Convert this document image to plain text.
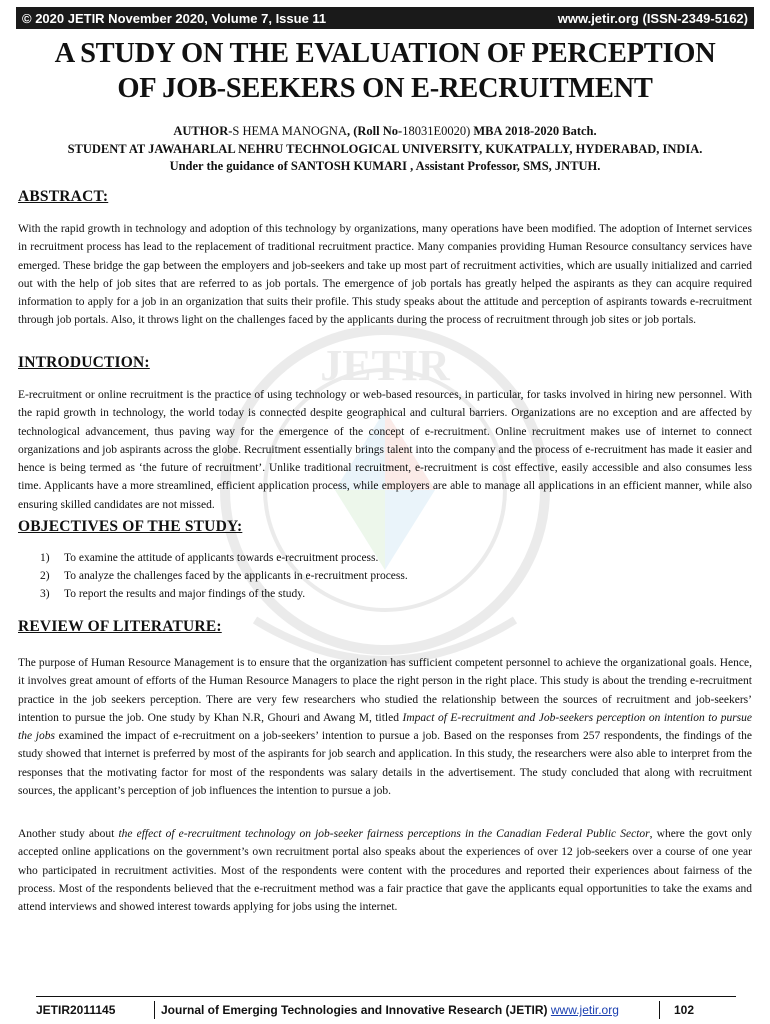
© 2020 JETIR November 2020, Volume 7, Issue 11	www.jetir.org (ISSN-2349-5162)
JETIR
A STUDY ON THE EVALUATION OF PERCEPTION
OF JOB-SEEKERS ON E-RECRUITMENT
AUTHOR-S HEMA MANOGNA, (Roll No-18031E0020) MBA 2018-2020 Batch.
STUDENT AT JAWAHARLAL NEHRU TECHNOLOGICAL UNIVERSITY, KUKATPALLY, HYDERABAD, INDIA.
Under the guidance of SANTOSH KUMARI , Assistant Professor, SMS, JNTUH.
ABSTRACT:
With the rapid growth in technology and adoption of this technology by organizations, many operations have been modified. The adoption of Internet services in recruitment process has lead to the replacement of traditional recruitment practice. Many companies providing Human Resource consultancy services have emerged. These bridge the gap between the employers and job-seekers and take up most part of recruitment activities, which are usually initialized and carried out with the help of job sites that are referred to as job portals. The emergence of job portals has greatly helped the aspirants as they can acquire required information to apply for a job in an organization that suits their profile. This study speaks about the attitude and perception of aspirants towards e-recruitment through job portals. Also, it throws light on the challenges faced by the applicants during the process of recruitment through job sites or job portals.
INTRODUCTION:
E-recruitment or online recruitment is the practice of using technology or web-based resources, in particular, for tasks involved in hiring new personnel. With the rapid growth in technology, the world today is connected despite geographical and cultural barriers. Organizations are no exception and are affected by technological advancement, thus paving way for the emergence of the concept of e-recruitment. Online recruitment makes use of internet to connect organizations and job aspirants across the globe. Recruitment essentially brings talent into the company and the process of e-recruitment has made it easier and hence is being termed as ‘the future of recruitment’. Unlike traditional recruitment, e-recruitment is cost effective, easily accessible and also consumes less time. Applicants have a more streamlined, efficient application process, while employers are able to manage all applications in an efficient manner, while also ensuring skilled candidates are not missed.
OBJECTIVES OF THE STUDY:
1)	To examine the attitude of applicants towards e-recruitment process.
2)	To analyze the challenges faced by the applicants in e-recruitment process.
3)	To report the results and major findings of the study.
REVIEW OF LITERATURE:
The purpose of Human Resource Management is to ensure that the organization has sufficient competent personnel to achieve the organizational goals. Hence, it involves great amount of efforts of the Human Resource Managers to place the right person in the right place. This study is about the trending e-recruitment practice in the job seekers perception. There are very few researchers who studied the relationship between the sources of recruitment and job-seekers’ intention to pursue the job. One study by Khan N.R, Ghouri and Awang M, titled Impact of E-recruitment and Job-seekers perception on intention to pursue the jobs examined the impact of e-recruitment on a job-seekers’ intention to pursue a job. Based on the responses from 257 respondents, the findings of the study showed that internet is preferred by most of the aspirants for job search and application. In this study, the researchers were also able to interpret from the responses that the motivating factor for most of the respondents was salary details in the advertisement. The study concluded that along with recruitment sources, the applicant’s perception of job influences the intention to pursue a job.
Another study about the effect of e-recruitment technology on job-seeker fairness perceptions in the Canadian Federal Public Sector, where the govt only accepted online applications on the government’s own recruitment portal also speaks about the experiences of over 12 job-seekers over a course of one year who participated in recruitment activities. Most of the respondents were content with the procedures and reported their experiences about fairness of the process. Most of the respondents believed that the e-recruitment method was a fair practice that gave the applicants equal opportunities to take the exams and attend interviews and showed interest towards applying for jobs using the internet.
JETIR2011145	Journal of Emerging Technologies and Innovative Research (JETIR) www.jetir.org	102
